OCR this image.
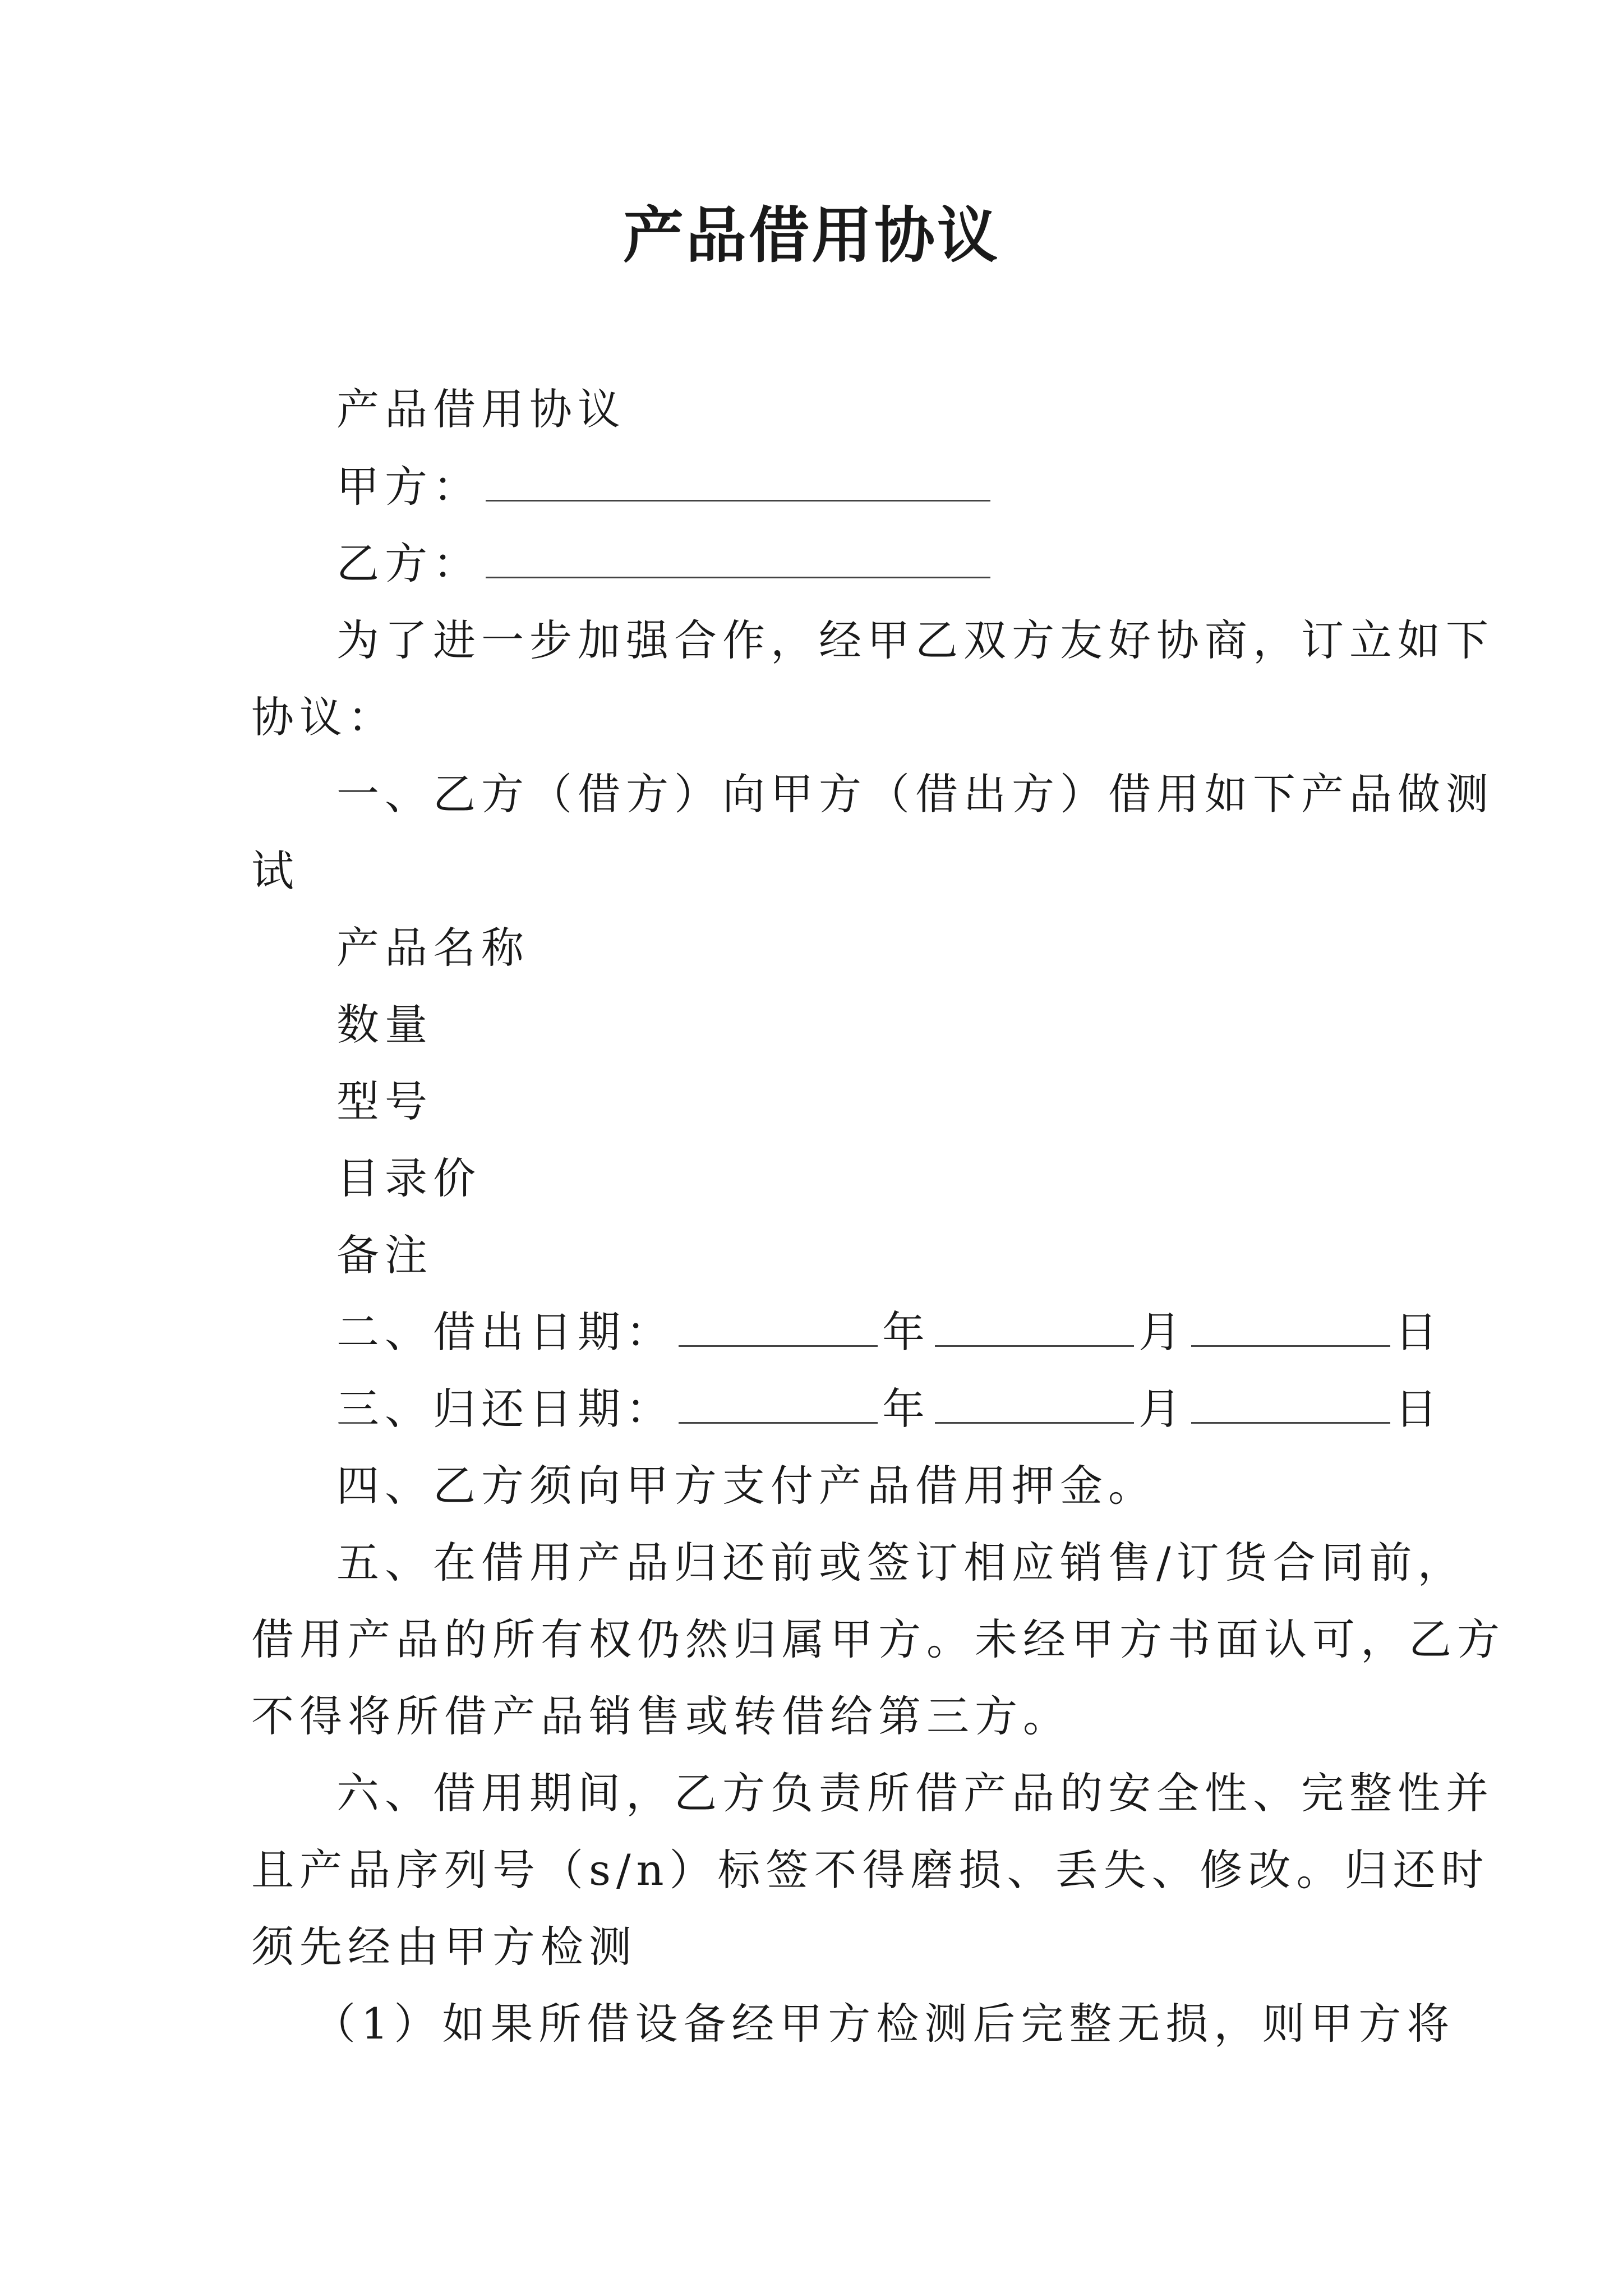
产品借用协议
产品借用协议
甲方：
乙方：
为了进一步加强合作，经甲乙双方友好协商，订立如下
协议：
一、乙方（借方）向甲方（借出方）借用如下产品做测
试
产品名称
数量
型号
目录价
备注
二、借出日期：	年	月	日
三、归还日期：	年	月	日
四、乙方须向甲方支付产品借用押金。
五、在借用产品归还前或签订相应销售/订货合同前，
借用产品的所有权仍然归属甲方。未经甲方书面认可，乙方
不得将所借产品销售或转借给第三方。
六、借用期间，乙方负责所借产品的安全性、完整性并
且产品序列号（s/n）标签不得磨损、丢失、修改。归还时
须先经由甲方检测
（1）如果所借设备经甲方检测后完整无损，则甲方将
